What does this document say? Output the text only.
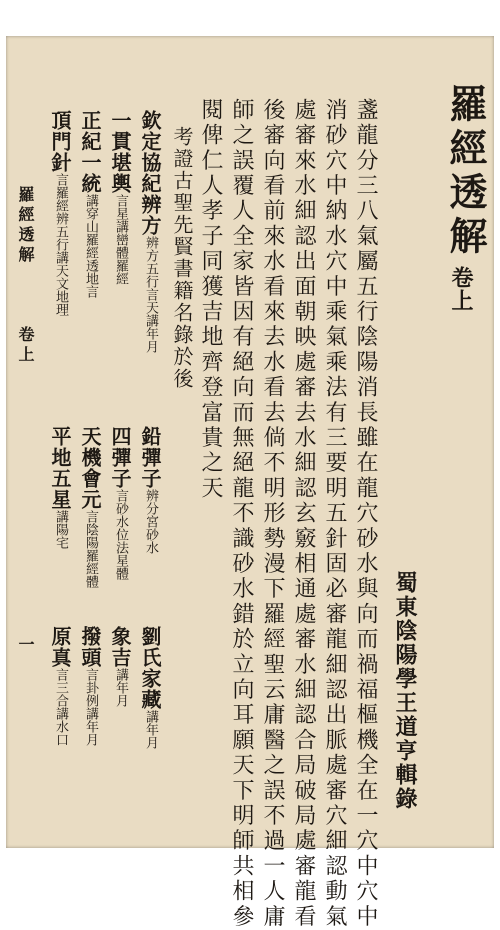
羅經透解
卷上
蜀東陰陽學王道亨輯錄
盞龍分三八氣屬五行陰陽消長雖在龍穴砂水與向而禍福樞機全在一穴中穴中
消砂穴中納水穴中乘氣乘法有三要明五針固必審龍細認出脈處審穴細認動氣
處審來水細認出面朝映處審去水細認玄竅相通處審水細認合局破局處審龍看
後審向看前來水看來去水看去倘不明形勢漫下羅經聖云庸醫之誤不過一人庸
師之誤覆人全家皆因有絕向而無絕龍不識砂水錯於立向耳願天下明師共相參
閱俾仁人孝子同獲吉地齊登富貴之天
考證古聖先賢書籍名錄於後
欽定協紀辨方辨方五行言天講年月
一貫堪輿言星講巒體羅經
正紀一統講穿山羅經透地言
頂門針言羅經辨五行講天文地理
鉛彈子辨分宮砂水
四彈子言砂水位法星體
天機會元言陰陽羅經體
平地五星講陽宅
劉氏家藏講年月
象吉講年月
撥頭言卦例講年月
原真言三合講水口
羅經透解
卷上
一
